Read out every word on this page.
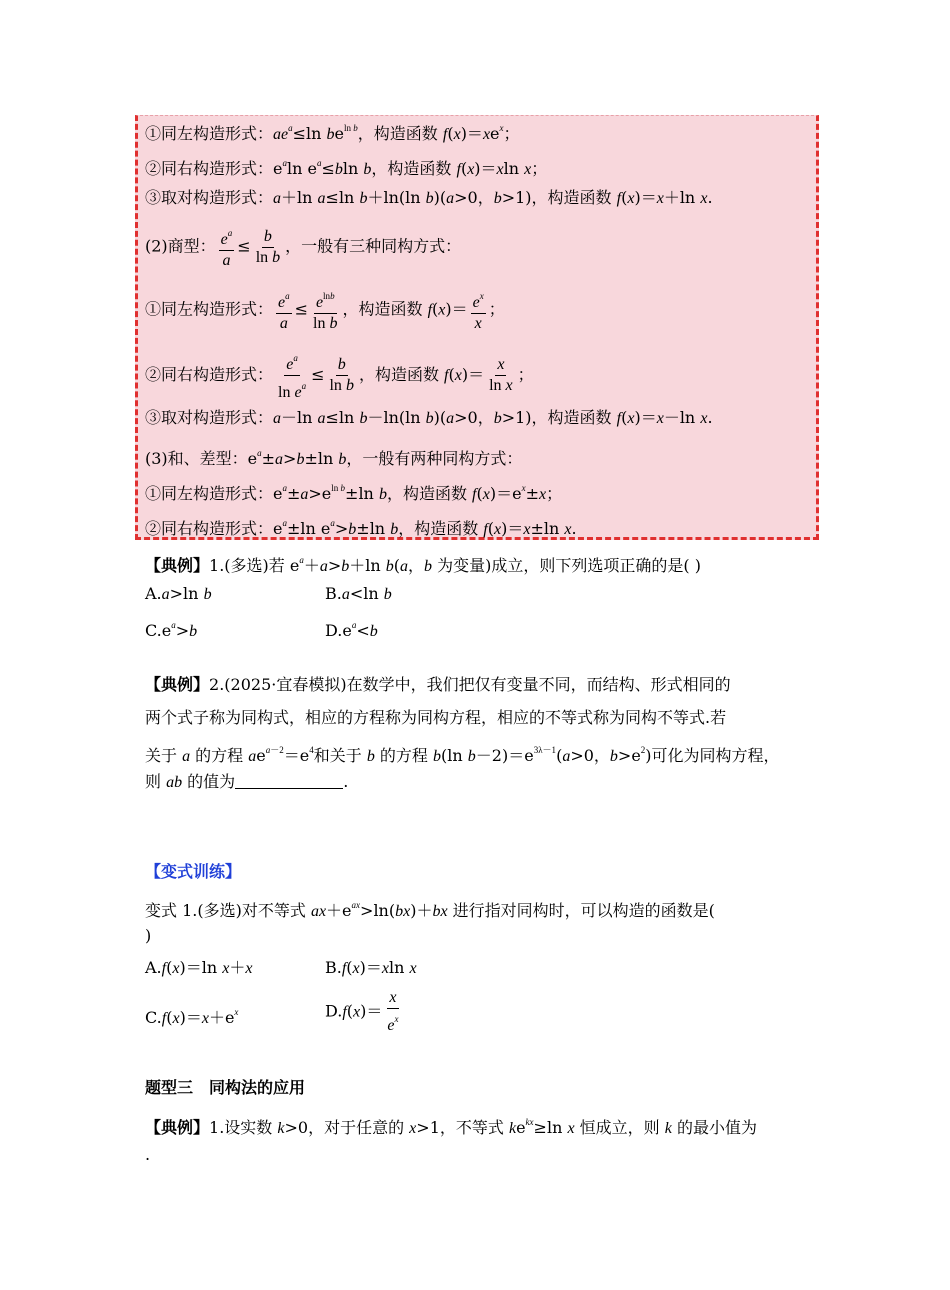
①同左构造形式：$ae^a\le\ln$ $be^{ln b}$，构造函数 $f(x)=xe^x$；
②同右构造形式：$e^a\ln$ $e^a\le bln$ b，构造函数 f(x)＝xln x；
③取对构造形式：a＋ln a≤ln b＋ln(ln b)(a>0，b>1)，构造函数 f(x)＝x＋ln x.
(2)商型： $\frac{e^a}{a} \le \frac{b}{\text{ln b}}$ ，一般有三种同构方式：
①同左构造形式： $\frac{e^a}{a} \le \frac{e^{lnb}}{\text{ln b}}$ ，构造函数 $f(x)= \frac{e^x}{x}$ ；
②同右构造形式： $\frac{e^a}{\ln e^a} \le \frac{b}{\text{ln b}}$ ，构造函数 $f(x)= \frac{x}{\text{ln x}}$ ；
③取对构造形式：a－ln a≤ln b－ln(ln b)(a>0，b>1)，构造函数 f(x)＝x－ln x.
(3)和、差型：$e^a\pm a>b\pm\ln$ b，一般有两种同构方式：
①同左构造形式：$e^a\pm a>e^{ln b}\pm\ln$ b，构造函数 $f(x)=e^x\pm x$；
②同右构造形式：$e^a\pm\ln$ $e^a>b\pm\ln$ b，构造函数 f(x)＝x±ln x.
【典例】1.(多选)若 $e^a+a>b+\ln$ b(a，b 为变量)成立，则下列选项正确的是( )
A.a>ln b	B.a<ln b
$C.e^a>b$	$D.e^a<b$
【典例】2.(2025·宜春模拟)在数学中，我们把仅有变量不同，而结构、形式相同的
两个式子称为同构式，相应的方程称为同构方程，相应的不等式称为同构不等式.若
关于 a 的方程 $ae^{a-2}=e^4$和关于 b 的方程 b(ln $b-2)=e^{3\lambda-1}(a>0$，$b>e^2$)可化为同构方程，
则 ab 的值为	.
【变式训练】
变式 1.(多选)对不等式 $ax+e^{ax}>\ln(bx)+bx$ 进行指对同构时，可以构造的函数是(
)
A.f(x)＝ln x＋x	B.f(x)＝xln x
$C.f(x)=x+e^x$	$D.f(x)= \frac{x}{e^x}$
题型三　同构法的应用
【典例】1.设实数 k>0，对于任意的 x>1，不等式 $ke^{kx}\ge\ln$ x 恒成立，则 k 的最小值为
.
